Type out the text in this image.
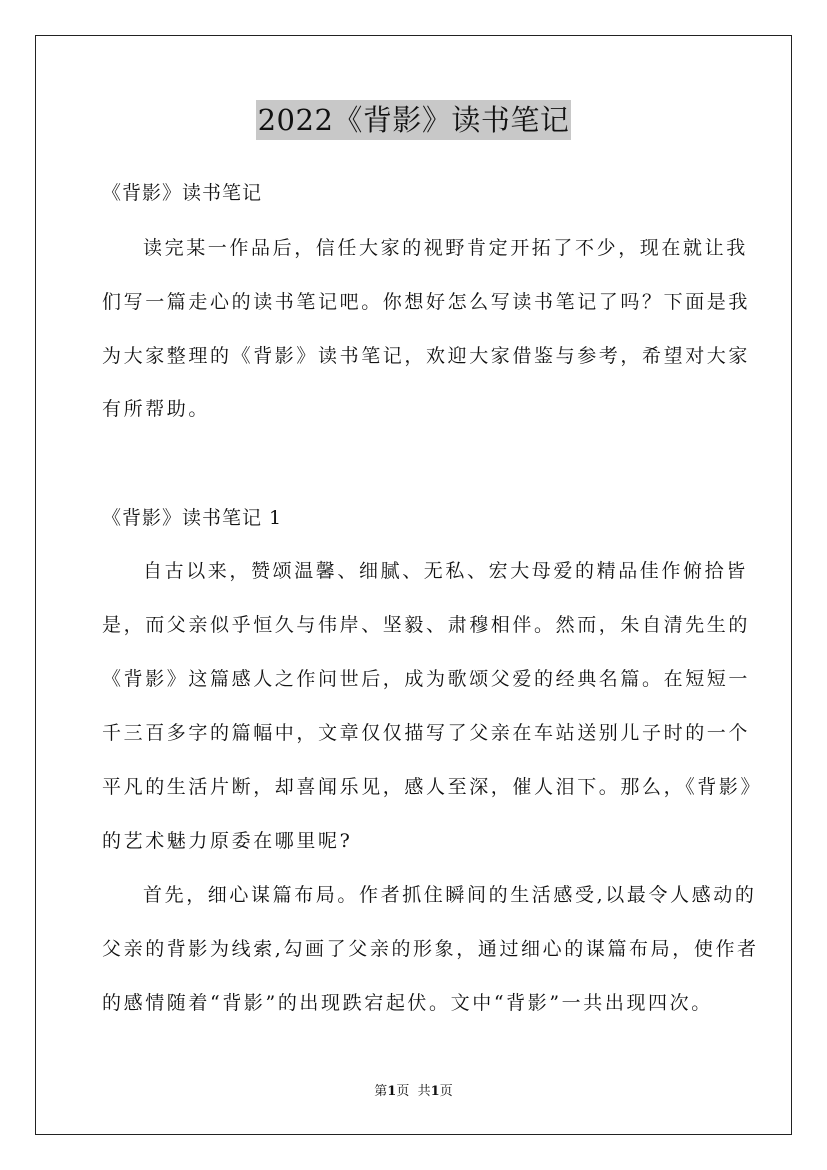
2022《背影》读书笔记
《背影》读书笔记
读完某一作品后，信任大家的视野肯定开拓了不少，现在就让我
们写一篇走心的读书笔记吧。你想好怎么写读书笔记了吗？下面是我
为大家整理的《背影》读书笔记，欢迎大家借鉴与参考，希望对大家
有所帮助。
《背影》读书笔记 1
自古以来，赞颂温馨、细腻、无私、宏大母爱的精品佳作俯拾皆
是，而父亲似乎恒久与伟岸、坚毅、肃穆相伴。然而，朱自清先生的
《背影》这篇感人之作问世后，成为歌颂父爱的经典名篇。在短短一
千三百多字的篇幅中，文章仅仅描写了父亲在车站送别儿子时的一个
平凡的生活片断，却喜闻乐见，感人至深，催人泪下。那么，《背影》
的艺术魅力原委在哪里呢?
首先，细心谋篇布局。作者抓住瞬间的生活感受,以最令人感动的
父亲的背影为线索,勾画了父亲的形象，通过细心的谋篇布局，使作者
的感情随着“背影”的出现跌宕起伏。文中“背影”一共出现四次。
第1页 共1页
